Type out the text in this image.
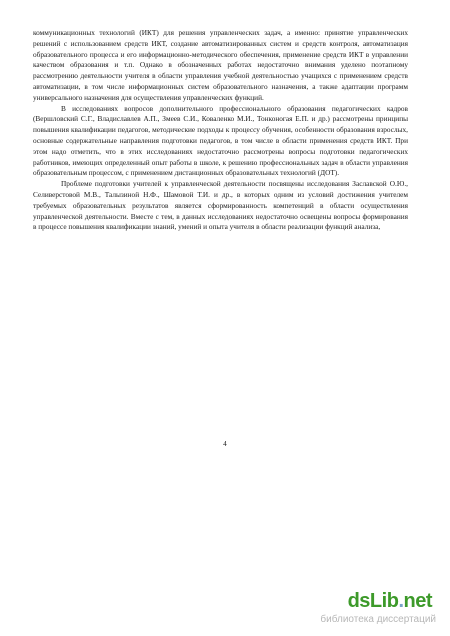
коммуникационных технологий (ИКТ) для решения управленческих задач, а именно: принятие управленческих решений с использованием средств ИКТ, создание автоматизированных систем и средств контроля, автоматизация образовательного процесса и его информационно-методического обеспечения, применение средств ИКТ в управлении качеством образования и т.п. Однако в обозначенных работах недостаточно внимания уделено поэтапному рассмотрению деятельности учителя в области управления учебной деятельностью учащихся с применением средств автоматизации, в том числе информационных систем образовательного назначения, а также адаптации программ универсального назначения для осуществления управленческих функций.

В исследованиях вопросов дополнительного профессионального образования педагогических кадров (Вершловский С.Г., Владиславлев А.П., Змеев С.И., Коваленко М.И., Тонконогая Е.П. и др.) рассмотрены принципы повышения квалификации педагогов, методические подходы к процессу обучения, особенности образования взрослых, основные содержательные направления подготовки педагогов, в том числе в области применения средств ИКТ. При этом надо отметить, что в этих исследованиях недостаточно рассмотрены вопросы подготовки педагогических работников, имеющих определенный опыт работы в школе, к решению профессиональных задач в области управления образовательным процессом, с применением дистанционных образовательных технологий (ДОТ).

Проблеме подготовки учителей к управленческой деятельности посвящены исследования Заславской О.Ю., Селиверстовой М.В., Талызиной Н.Ф., Шамовой Т.И. и др., в которых одним из условий достижения учителем требуемых образовательных результатов является сформированность компетенций в области осуществления управленческой деятельности. Вместе с тем, в данных исследованиях недостаточно освещены вопросы формирования в процессе повышения квалификации знаний, умений и опыта учителя в области реализации функций анализа,

4
dsLib.net
библиотека диссертаций
